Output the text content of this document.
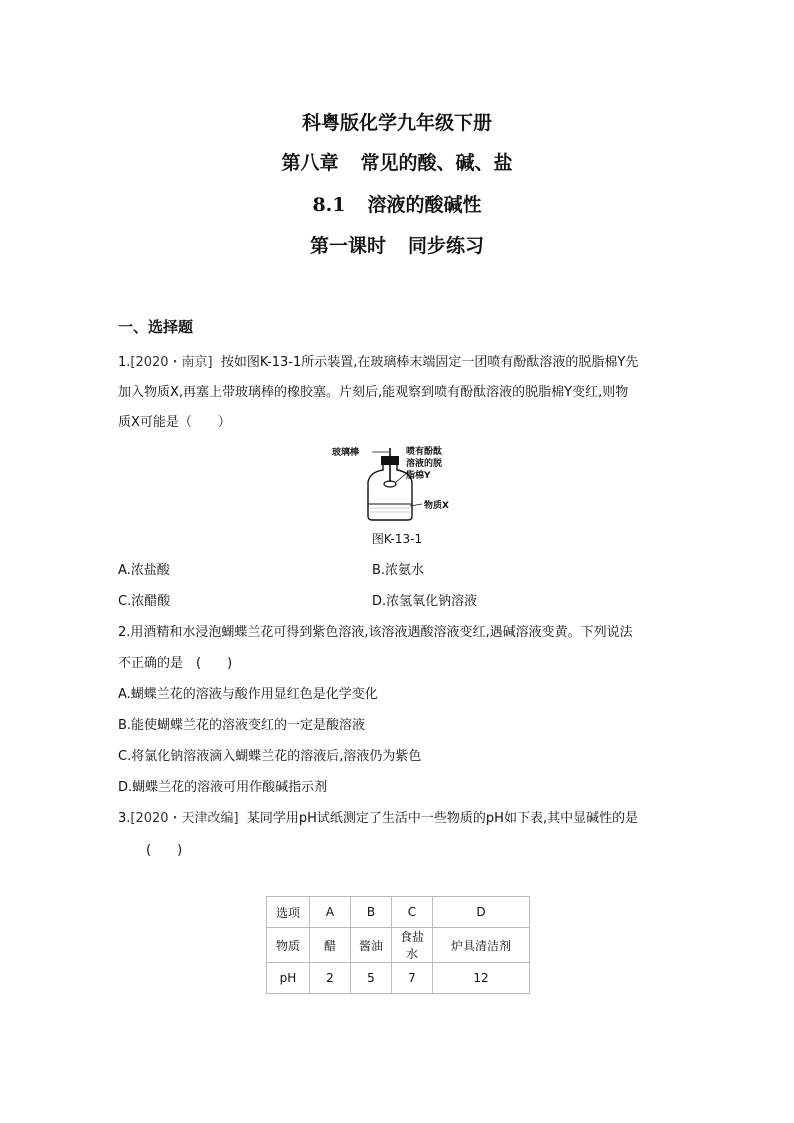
科粤版化学九年级下册
第八章 常见的酸、碱、盐
8.1 溶液的酸碱性
第一课时 同步练习
一、选择题
1.[2020・南京] 按如图K-13-1所示装置,在玻璃棒末端固定一团喷有酚酞溶液的脱脂棉Y先
加入物质X,再塞上带玻璃棒的橡胶塞。片刻后,能观察到喷有酚酞溶液的脱脂棉Y变红,则物
质X可能是（　　）
玻璃棒	喷有酚酞
溶液的脱
脂棉Y
物质X
图K-13-1
A.浓盐酸	B.浓氨水
C.浓醋酸	D.浓氢氧化钠溶液
2.用酒精和水浸泡蝴蝶兰花可得到紫色溶液,该溶液遇酸溶液变红,遇碱溶液变黄。下列说法
不正确的是　(　　)
A.蝴蝶兰花的溶液与酸作用显红色是化学变化
B.能使蝴蝶兰花的溶液变红的一定是酸溶液
C.将氯化钠溶液滴入蝴蝶兰花的溶液后,溶液仍为紫色
D.蝴蝶兰花的溶液可用作酸碱指示剂
3.[2020・天津改编] 某同学用pH试纸测定了生活中一些物质的pH如下表,其中显碱性的是
(　　)
选项	A	B	C	D
物质	醋	酱油	食盐水	炉具清洁剂
pH	2	5	7	12
